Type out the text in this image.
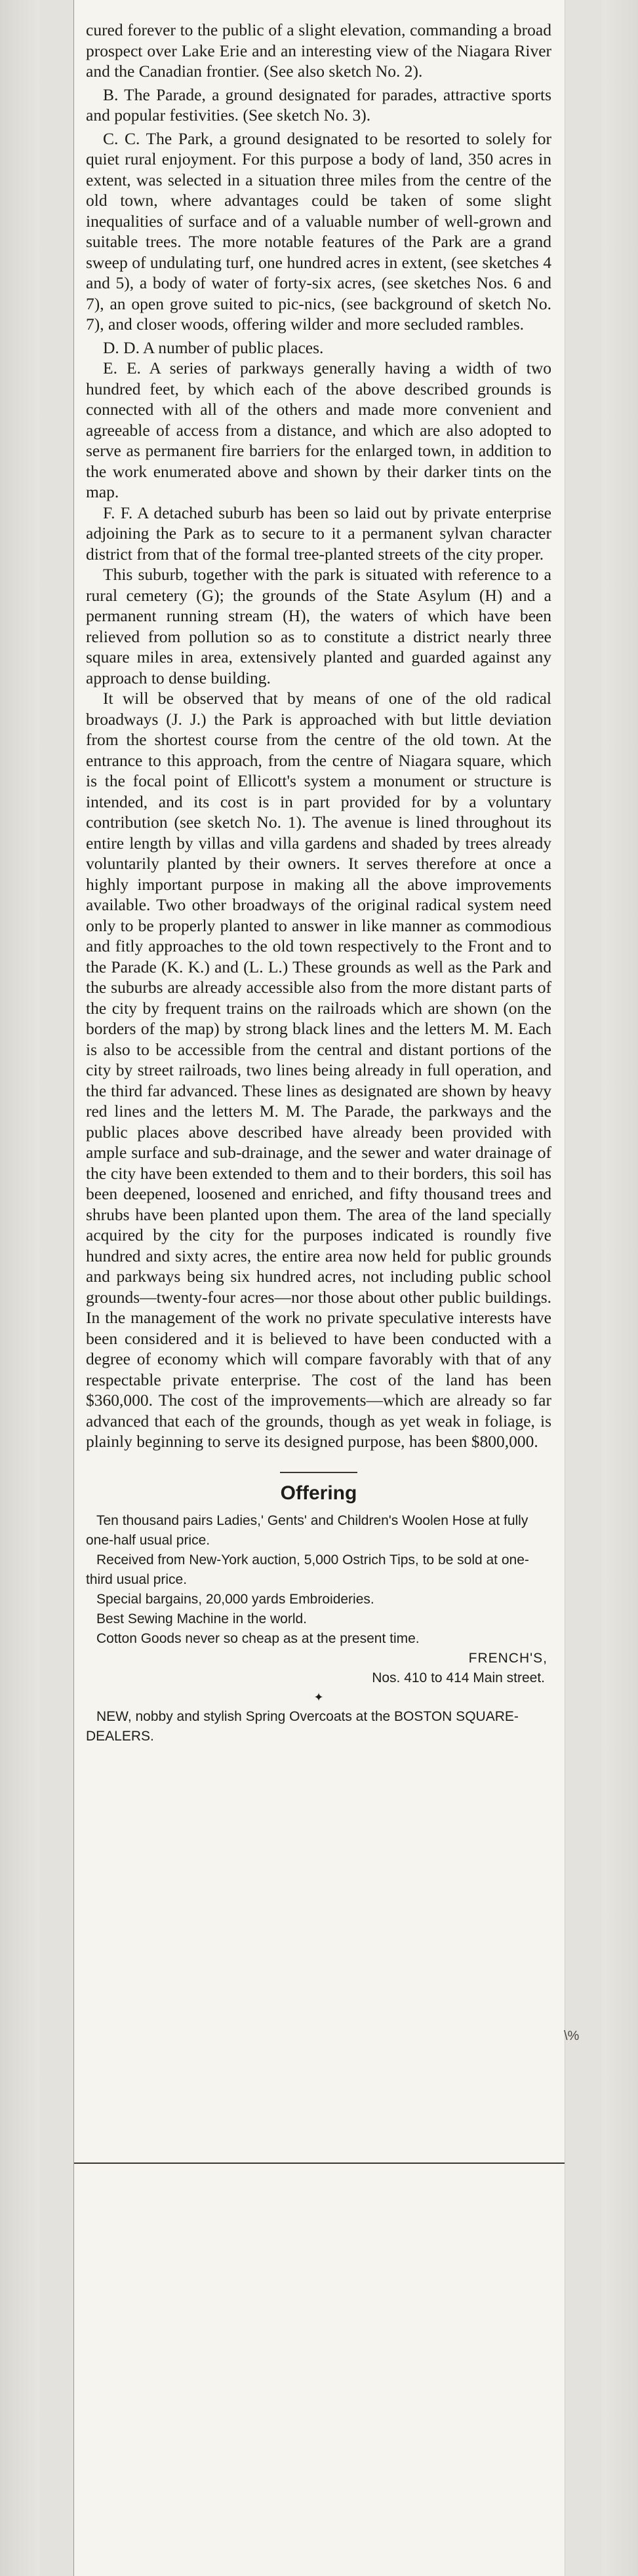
cured forever to the public of a slight elevation, commanding a broad prospect over Lake Erie and an interesting view of the Niagara River and the Canadian frontier. (See also sketch No. 2).

B. The Parade, a ground designated for parades, attractive sports and popular festivities. (See sketch No. 3).

C. C. The Park, a ground designated to be resorted to solely for quiet rural enjoyment. For this purpose a body of land, 350 acres in extent, was selected in a situation three miles from the centre of the old town, where advantages could be taken of some slight inequalities of surface and of a valuable number of well-grown and suitable trees. The more notable features of the Park are a grand sweep of undulating turf, one hundred acres in extent, (see sketches 4 and 5), a body of water of forty-six acres, (see sketches Nos. 6 and 7), an open grove suited to pic-nics, (see background of sketch No. 7), and closer woods, offering wilder and more secluded rambles.

D. D. A number of public places.

E. E. A series of parkways generally having a width of two hundred feet, by which each of the above described grounds is connected with all of the others and made more convenient and agreeable of access from a distance, and which are also adopted to serve as permanent fire barriers for the enlarged town, in addition to the work enumerated above and shown by their darker tints on the map.

F. F. A detached suburb has been so laid out by private enterprise adjoining the Park as to secure to it a permanent sylvan character district from that of the formal tree-planted streets of the city proper.

This suburb, together with the park is situated with reference to a rural cemetery (G); the grounds of the State Asylum (H) and a permanent running stream (H), the waters of which have been relieved from pollution so as to constitute a district nearly three square miles in area, extensively planted and guarded against any approach to dense building.

It will be observed that by means of one of the old radical broadways (J. J.) the Park is approached with but little deviation from the shortest course from the centre of the old town. At the entrance to this approach, from the centre of Niagara square, which is the focal point of Ellicott's system a monument or structure is intended, and its cost is in part provided for by a voluntary contribution (see sketch No. 1). The avenue is lined throughout its entire length by villas and villa gardens and shaded by trees already voluntarily planted by their owners. It serves therefore at once a highly important purpose in making all the above improvements available. Two other broadways of the original radical system need only to be properly planted to answer in like manner as commodious and fitly approaches to the old town respectively to the Front and to the Parade (K. K.) and (L. L.) These grounds as well as the Park and the suburbs are already accessible also from the more distant parts of the city by frequent trains on the railroads which are shown (on the borders of the map) by strong black lines and the letters M. M. Each is also to be accessible from the central and distant portions of the city by street railroads, two lines being already in full operation, and the third far advanced. These lines as designated are shown by heavy red lines and the letters M. M. The Parade, the parkways and the public places above described have already been provided with ample surface and sub-drainage, and the sewer and water drainage of the city have been extended to them and to their borders, this soil has been deepened, loosened and enriched, and fifty thousand trees and shrubs have been planted upon them. The area of the land specially acquired by the city for the purposes indicated is roundly five hundred and sixty acres, the entire area now held for public grounds and parkways being six hundred acres, not including public school grounds—twenty-four acres—nor those about other public buildings. In the management of the work no private speculative interests have been considered and it is believed to have been conducted with a degree of economy which will compare favorably with that of any respectable private enterprise. The cost of the land has been $360,000. The cost of the improvements—which are already so far advanced that each of the grounds, though as yet weak in foliage, is plainly beginning to serve its designed purpose, has been $800,000.

Offering

Ten thousand pairs Ladies,' Gents' and Children's Woolen Hose at fully one-half usual price.

Received from New-York auction, 5,000 Ostrich Tips, to be sold at one-third usual price.

Special bargains, 20,000 yards Embroideries.

Best Sewing Machine in the world.

Cotton Goods never so cheap as at the present time.

FRENCH'S,

Nos. 410 to 414 Main street.

✦

NEW, nobby and stylish Spring Overcoats at the BOSTON SQUARE-DEALERS.

\%
